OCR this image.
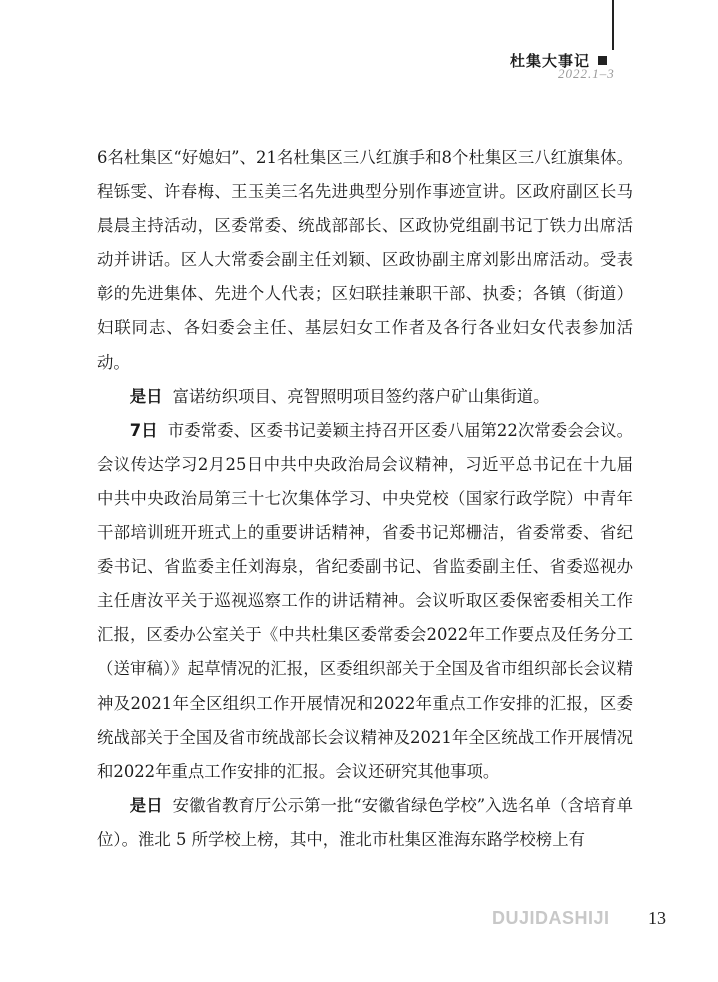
杜集大事记
2022.1–3

6名杜集区“好媳妇”、21名杜集区三八红旗手和8个杜集区三八红旗集体。程铄雯、许春梅、王玉美三名先进典型分别作事迹宣讲。区政府副区长马晨晨主持活动，区委常委、统战部部长、区政协党组副书记丁铁力出席活动并讲话。区人大常委会副主任刘颖、区政协副主席刘影出席活动。受表彰的先进集体、先进个人代表；区妇联挂兼职干部、执委；各镇（街道）妇联同志、各妇委会主任、基层妇女工作者及各行各业妇女代表参加活动。

是日 富诺纺织项目、亮智照明项目签约落户矿山集街道。

7日 市委常委、区委书记姜颖主持召开区委八届第22次常委会会议。会议传达学习2月25日中共中央政治局会议精神，习近平总书记在十九届中共中央政治局第三十七次集体学习、中央党校（国家行政学院）中青年干部培训班开班式上的重要讲话精神，省委书记郑栅洁，省委常委、省纪委书记、省监委主任刘海泉，省纪委副书记、省监委副主任、省委巡视办主任唐汝平关于巡视巡察工作的讲话精神。会议听取区委保密委相关工作汇报，区委办公室关于《中共杜集区委常委会2022年工作要点及任务分工（送审稿）》起草情况的汇报，区委组织部关于全国及省市组织部长会议精神及2021年全区组织工作开展情况和2022年重点工作安排的汇报，区委统战部关于全国及省市统战部长会议精神及2021年全区统战工作开展情况和2022年重点工作安排的汇报。会议还研究其他事项。

是日 安徽省教育厅公示第一批“安徽省绿色学校”入选名单（含培育单位）。淮北 5 所学校上榜，其中，淮北市杜集区淮海东路学校榜上有

DUJIDASHIJI 13
